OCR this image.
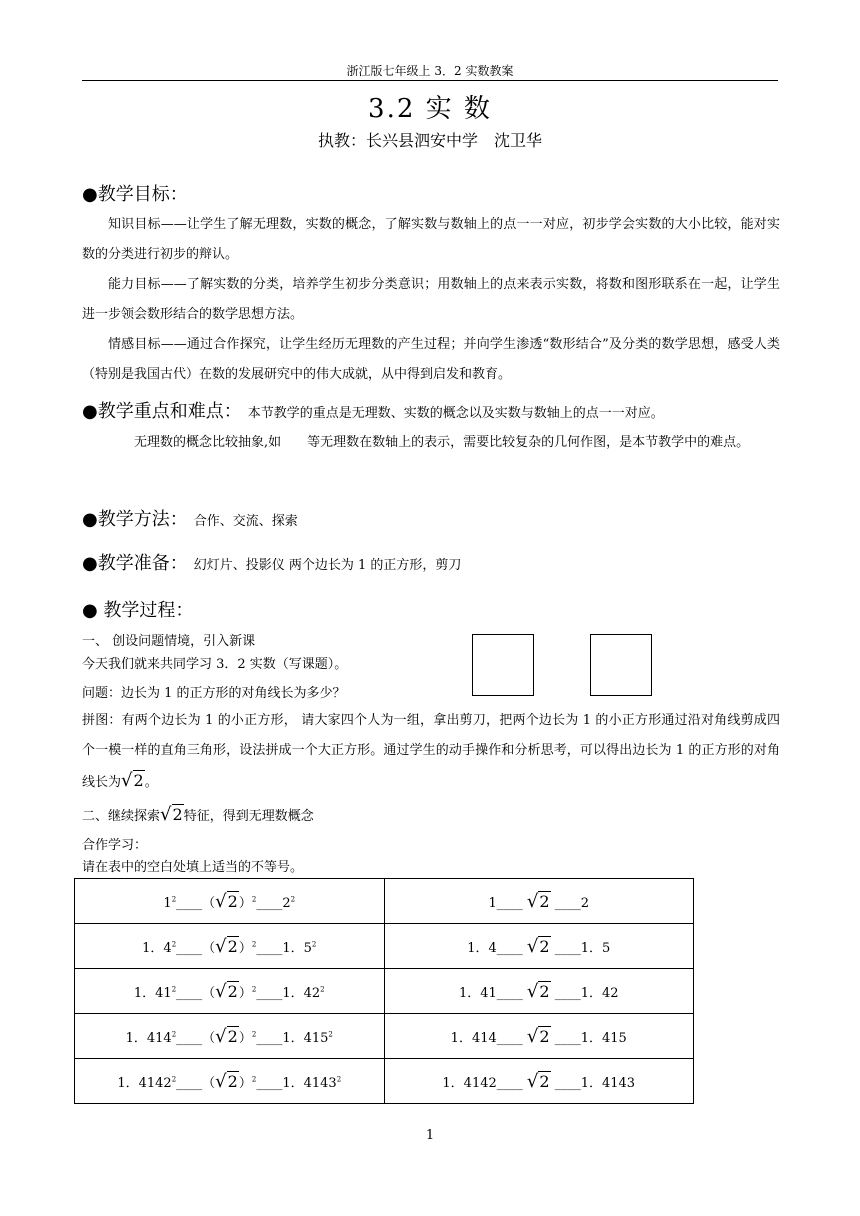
浙江版七年级上 3．2 实数教案
3.2 实 数
执教：长兴县泗安中学　沈卫华
●教学目标：
知识目标——让学生了解无理数，实数的概念，了解实数与数轴上的点一一对应，初步学会实数的大小比较，能对实数的分类进行初步的辩认。
能力目标——了解实数的分类，培养学生初步分类意识；用数轴上的点来表示实数，将数和图形联系在一起，让学生进一步领会数形结合的数学思想方法。
情感目标——通过合作探究，让学生经历无理数的产生过程；并向学生渗透“数形结合”及分类的数学思想，感受人类（特别是我国古代）在数的发展研究中的伟大成就，从中得到启发和教育。
●教学重点和难点： 本节教学的重点是无理数、实数的概念以及实数与数轴上的点一一对应。
无理数的概念比较抽象,如　　等无理数在数轴上的表示，需要比较复杂的几何作图，是本节教学中的难点。
●教学方法： 合作、交流、探索
●教学准备： 幻灯片、投影仪 两个边长为 1 的正方形，剪刀
● 教学过程：
一、 创设问题情境，引入新课
今天我们就来共同学习 3．2 实数（写课题）。
问题：边长为 1 的正方形的对角线长为多少？
拼图：有两个边长为 1 的小正方形， 请大家四个人为一组，拿出剪刀，把两个边长为 1 的小正方形通过沿对角线剪成四个一模一样的直角三角形，设法拼成一个大正方形。通过学生的动手操作和分析思考，可以得出边长为 1 的正方形的对角线长为√2。
二、继续探索√2特征，得到无理数概念
合作学习：
请在表中的空白处填上适当的不等号。
$1^2\_\_\_\_(√2)^2\_\_\_\_2^2$	1____ √2 ____2
1．$4^2\_\_\_\_(√2)^2\_\_\_\_1$．$5^2$	1．4____ √2 ____1．5
1．$41^2\_\_\_\_(√2)^2\_\_\_\_1$．$42^2$	1．41____ √2 ____1．42
1．$414^2\_\_\_\_(√2)^2\_\_\_\_1$．$415^2$	1．414____ √2 ____1．415
1．$4142^2\_\_\_\_(√2)^2\_\_\_\_1$．4143$^2$	1．4142____ √2 ____1．4143
1
